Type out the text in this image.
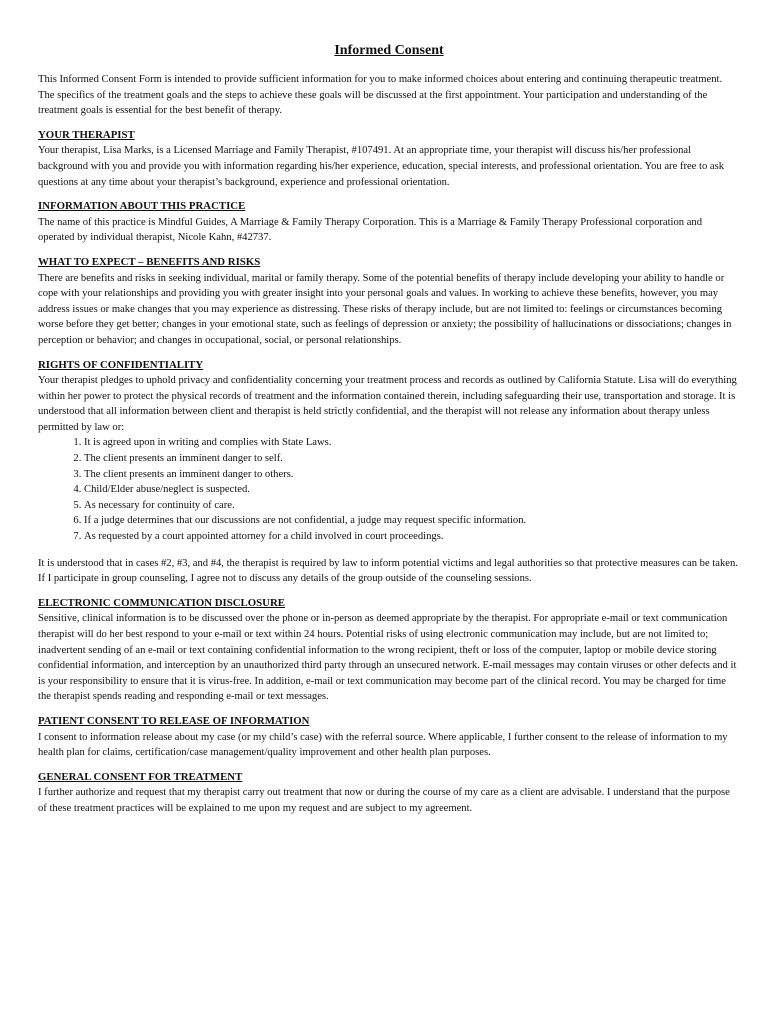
Informed Consent

This Informed Consent Form is intended to provide sufficient information for you to make informed choices about entering and continuing therapeutic treatment. The specifics of the treatment goals and the steps to achieve these goals will be discussed at the first appointment. Your participation and understanding of the treatment goals is essential for the best benefit of therapy.

YOUR THERAPIST

Your therapist, Lisa Marks, is a Licensed Marriage and Family Therapist, #107491. At an appropriate time, your therapist will discuss his/her professional background with you and provide you with information regarding his/her experience, education, special interests, and professional orientation. You are free to ask questions at any time about your therapist’s background, experience and professional orientation.

INFORMATION ABOUT THIS PRACTICE

The name of this practice is Mindful Guides, A Marriage & Family Therapy Corporation. This is a Marriage & Family Therapy Professional corporation and operated by individual therapist, Nicole Kahn, #42737.

WHAT TO EXPECT – BENEFITS AND RISKS

There are benefits and risks in seeking individual, marital or family therapy. Some of the potential benefits of therapy include developing your ability to handle or cope with your relationships and providing you with greater insight into your personal goals and values. In working to achieve these benefits, however, you may address issues or make changes that you may experience as distressing. These risks of therapy include, but are not limited to: feelings or circumstances becoming worse before they get better; changes in your emotional state, such as feelings of depression or anxiety; the possibility of hallucinations or dissociations; changes in perception or behavior; and changes in occupational, social, or personal relationships.

RIGHTS OF CONFIDENTIALITY

Your therapist pledges to uphold privacy and confidentiality concerning your treatment process and records as outlined by California Statute. Lisa will do everything within her power to protect the physical records of treatment and the information contained therein, including safeguarding their use, transportation and storage. It is understood that all information between client and therapist is held strictly confidential, and the therapist will not release any information about therapy unless permitted by law or:

1. It is agreed upon in writing and complies with State Laws.
2. The client presents an imminent danger to self.
3. The client presents an imminent danger to others.
4. Child/Elder abuse/neglect is suspected.
5. As necessary for continuity of care.
6. If a judge determines that our discussions are not confidential, a judge may request specific information.
7. As requested by a court appointed attorney for a child involved in court proceedings.

It is understood that in cases #2, #3, and #4, the therapist is required by law to inform potential victims and legal authorities so that protective measures can be taken. If I participate in group counseling, I agree not to discuss any details of the group outside of the counseling sessions.

ELECTRONIC COMMUNICATION DISCLOSURE

Sensitive, clinical information is to be discussed over the phone or in-person as deemed appropriate by the therapist. For appropriate e-mail or text communication therapist will do her best respond to your e-mail or text within 24 hours. Potential risks of using electronic communication may include, but are not limited to; inadvertent sending of an e-mail or text containing confidential information to the wrong recipient, theft or loss of the computer, laptop or mobile device storing confidential information, and interception by an unauthorized third party through an unsecured network. E-mail messages may contain viruses or other defects and it is your responsibility to ensure that it is virus-free. In addition, e-mail or text communication may become part of the clinical record. You may be charged for time the therapist spends reading and responding e-mail or text messages.

PATIENT CONSENT TO RELEASE OF INFORMATION

I consent to information release about my case (or my child’s case) with the referral source. Where applicable, I further consent to the release of information to my health plan for claims, certification/case management/quality improvement and other health plan purposes.

GENERAL CONSENT FOR TREATMENT

I further authorize and request that my therapist carry out treatment that now or during the course of my care as a client are advisable. I understand that the purpose of these treatment practices will be explained to me upon my request and are subject to my agreement.
